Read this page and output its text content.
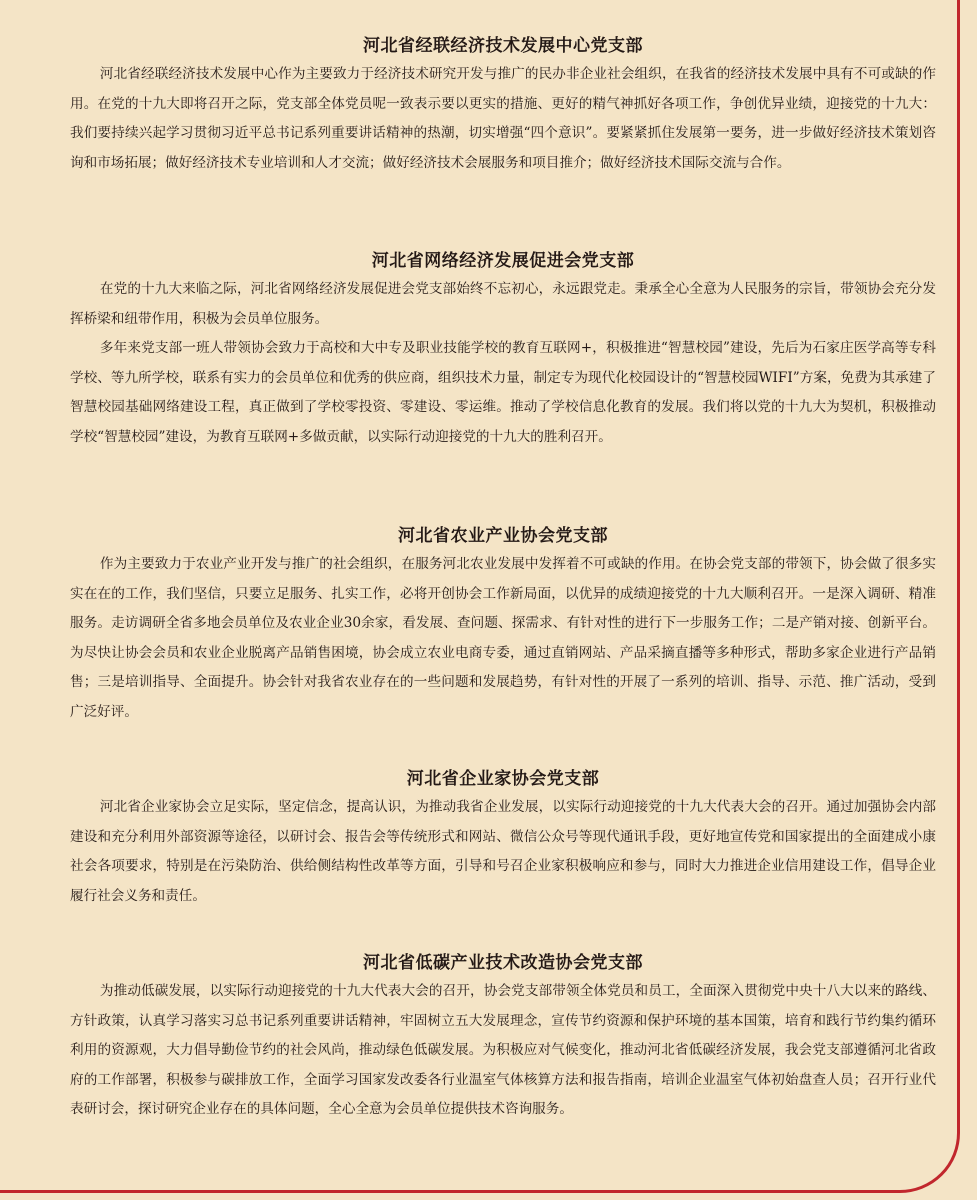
河北省经联经济技术发展中心党支部

河北省经联经济技术发展中心作为主要致力于经济技术研究开发与推广的民办非企业社会组织，在我省的经济技术发展中具有不可或缺的作用。在党的十九大即将召开之际，党支部全体党员呢一致表示要以更实的措施、更好的精气神抓好各项工作，争创优异业绩，迎接党的十九大：我们要持续兴起学习贯彻习近平总书记系列重要讲话精神的热潮，切实增强“四个意识”。要紧紧抓住发展第一要务，进一步做好经济技术策划咨询和市场拓展；做好经济技术专业培训和人才交流；做好经济技术会展服务和项目推介；做好经济技术国际交流与合作。

河北省网络经济发展促进会党支部

在党的十九大来临之际，河北省网络经济发展促进会党支部始终不忘初心，永远跟党走。秉承全心全意为人民服务的宗旨，带领协会充分发挥桥梁和纽带作用，积极为会员单位服务。

多年来党支部一班人带领协会致力于高校和大中专及职业技能学校的教育互联网+，积极推进“智慧校园”建设，先后为石家庄医学高等专科学校、等九所学校，联系有实力的会员单位和优秀的供应商，组织技术力量，制定专为现代化校园设计的“智慧校园WIFI”方案，免费为其承建了智慧校园基础网络建设工程，真正做到了学校零投资、零建设、零运维。推动了学校信息化教育的发展。我们将以党的十九大为契机，积极推动学校“智慧校园”建设，为教育互联网+多做贡献，以实际行动迎接党的十九大的胜利召开。

河北省农业产业协会党支部

作为主要致力于农业产业开发与推广的社会组织，在服务河北农业发展中发挥着不可或缺的作用。在协会党支部的带领下，协会做了很多实实在在的工作，我们坚信，只要立足服务、扎实工作，必将开创协会工作新局面，以优异的成绩迎接党的十九大顺利召开。一是深入调研、精准服务。走访调研全省多地会员单位及农业企业30余家，看发展、查问题、探需求、有针对性的进行下一步服务工作；二是产销对接、创新平台。为尽快让协会会员和农业企业脱离产品销售困境，协会成立农业电商专委，通过直销网站、产品采摘直播等多种形式，帮助多家企业进行产品销售；三是培训指导、全面提升。协会针对我省农业存在的一些问题和发展趋势，有针对性的开展了一系列的培训、指导、示范、推广活动，受到广泛好评。

河北省企业家协会党支部

河北省企业家协会立足实际，坚定信念，提高认识，为推动我省企业发展，以实际行动迎接党的十九大代表大会的召开。通过加强协会内部建设和充分利用外部资源等途径，以研讨会、报告会等传统形式和网站、微信公众号等现代通讯手段，更好地宣传党和国家提出的全面建成小康社会各项要求，特别是在污染防治、供给侧结构性改革等方面，引导和号召企业家积极响应和参与，同时大力推进企业信用建设工作，倡导企业履行社会义务和责任。

河北省低碳产业技术改造协会党支部

为推动低碳发展，以实际行动迎接党的十九大代表大会的召开，协会党支部带领全体党员和员工，全面深入贯彻党中央十八大以来的路线、方针政策，认真学习落实习总书记系列重要讲话精神，牢固树立五大发展理念，宣传节约资源和保护环境的基本国策，培育和践行节约集约循环利用的资源观，大力倡导勤俭节约的社会风尚，推动绿色低碳发展。为积极应对气候变化，推动河北省低碳经济发展，我会党支部遵循河北省政府的工作部署，积极参与碳排放工作，全面学习国家发改委各行业温室气体核算方法和报告指南，培训企业温室气体初始盘查人员；召开行业代表研讨会，探讨研究企业存在的具体问题，全心全意为会员单位提供技术咨询服务。
